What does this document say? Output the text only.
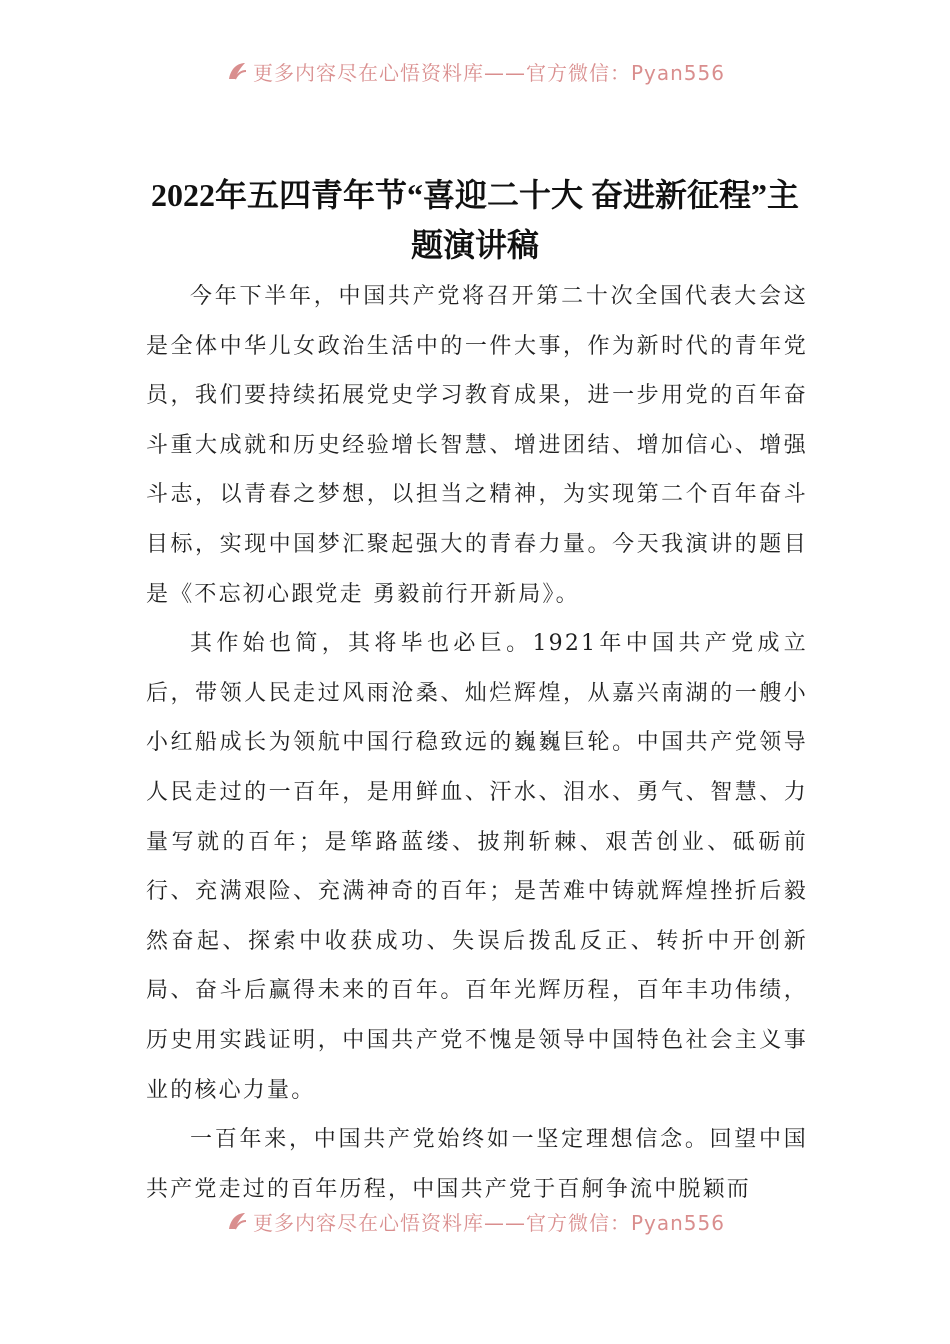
更多内容尽在心悟资料库——官方微信：Pyan556
2022年五四青年节“喜迎二十大 奋进新征程”主题演讲稿

今年下半年，中国共产党将召开第二十次全国代表大会这是全体中华儿女政治生活中的一件大事，作为新时代的青年党员，我们要持续拓展党史学习教育成果，进一步用党的百年奋斗重大成就和历史经验增长智慧、增进团结、增加信心、增强斗志，以青春之梦想，以担当之精神，为实现第二个百年奋斗目标，实现中国梦汇聚起强大的青春力量。今天我演讲的题目是《不忘初心跟党走 勇毅前行开新局》。

其作始也简，其将毕也必巨。1921年中国共产党成立后，带领人民走过风雨沧桑、灿烂辉煌，从嘉兴南湖的一艘小小红船成长为领航中国行稳致远的巍巍巨轮。中国共产党领导人民走过的一百年，是用鲜血、汗水、泪水、勇气、智慧、力量写就的百年；是筚路蓝缕、披荆斩棘、艰苦创业、砥砺前行、充满艰险、充满神奇的百年；是苦难中铸就辉煌挫折后毅然奋起、探索中收获成功、失误后拨乱反正、转折中开创新局、奋斗后赢得未来的百年。百年光辉历程，百年丰功伟绩，历史用实践证明，中国共产党不愧是领导中国特色社会主义事业的核心力量。

一百年来，中国共产党始终如一坚定理想信念。回望中国共产党走过的百年历程，中国共产党于百舸争流中脱颖而

更多内容尽在心悟资料库——官方微信：Pyan556
